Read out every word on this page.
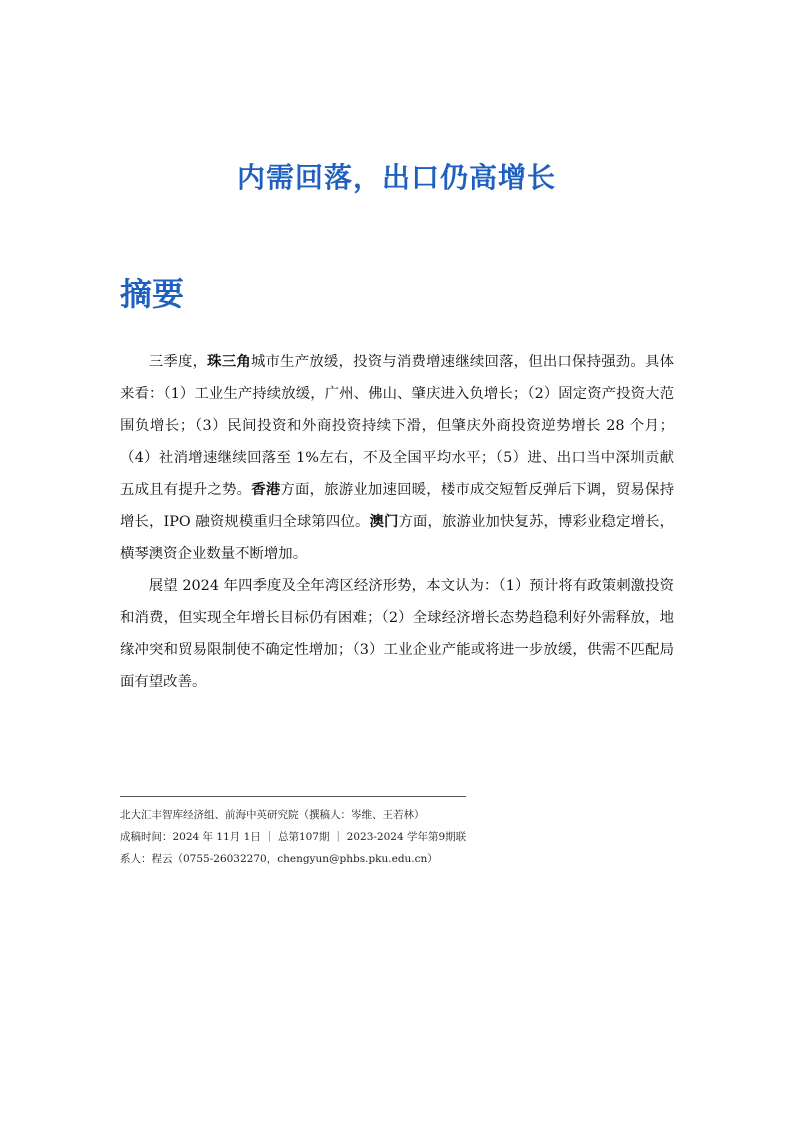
内需回落，出口仍高增长
摘要

三季度，珠三角城市生产放缓，投资与消费增速继续回落，但出口保持强劲。具体来看：（1）工业生产持续放缓，广州、佛山、肇庆进入负增长；（2）固定资产投资大范围负增长；（3）民间投资和外商投资持续下滑，但肇庆外商投资逆势增长 28 个月；（4）社消增速继续回落至 1%左右，不及全国平均水平；（5）进、出口当中深圳贡献五成且有提升之势。香港方面，旅游业加速回暖，楼市成交短暂反弹后下调，贸易保持增长，IPO 融资规模重归全球第四位。澳门方面，旅游业加快复苏，博彩业稳定增长，横琴澳资企业数量不断增加。

展望 2024 年四季度及全年湾区经济形势，本文认为：（1）预计将有政策刺激投资和消费，但实现全年增长目标仍有困难；（2）全球经济增长态势趋稳利好外需释放，地缘冲突和贸易限制使不确定性增加；（3）工业企业产能或将进一步放缓，供需不匹配局面有望改善。

北大汇丰智库经济组、前海中英研究院（撰稿人：岑维、王若林）
成稿时间：2024 年 11月 1日 ｜ 总第107期 ｜ 2023-2024 学年第9期联
系人：程云（0755-26032270，chengyun@phbs.pku.edu.cn）
